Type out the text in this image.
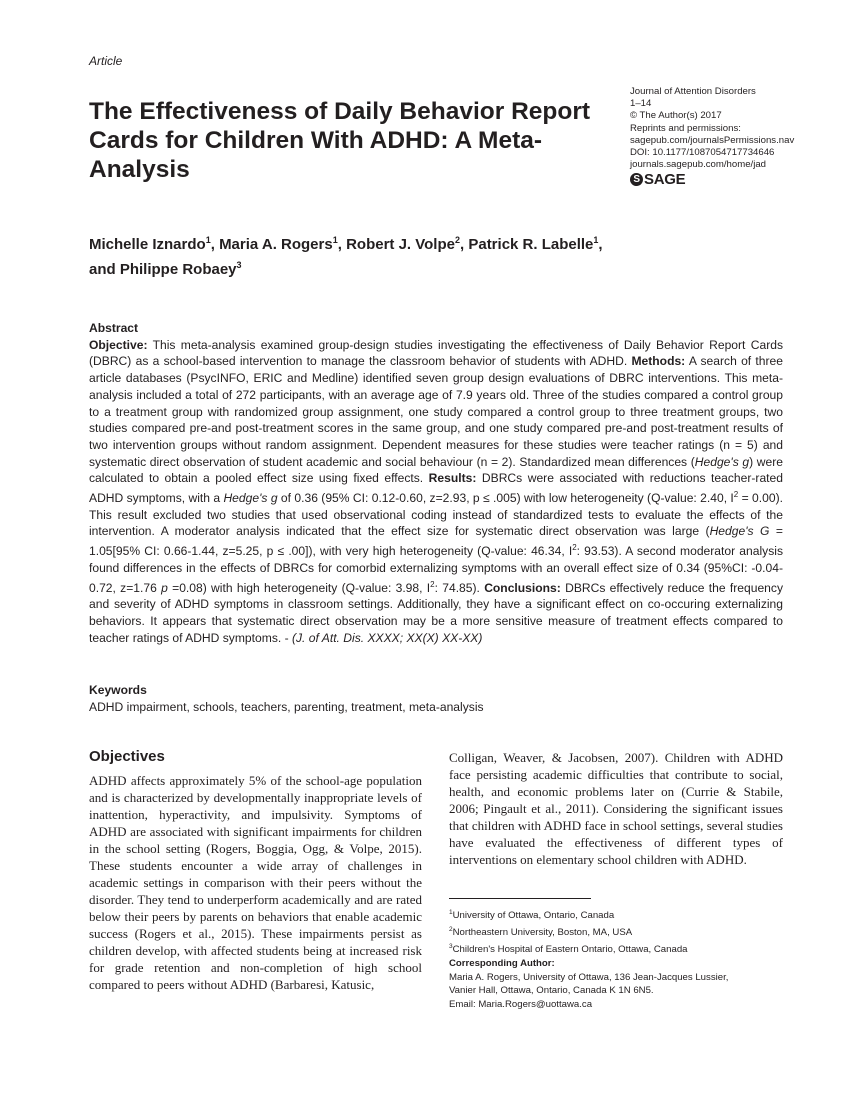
Article
The Effectiveness of Daily Behavior Report Cards for Children With ADHD: A Meta-Analysis
Journal of Attention Disorders
1–14
© The Author(s) 2017
Reprints and permissions:
sagepub.com/journalsPermissions.nav
DOI: 10.1177/1087054717734646
journals.sagepub.com/home/jad
S SAGE
Michelle Iznardo$^1$, Maria A. Rogers$^1$, Robert J. Volpe$^2$, Patrick R. Labelle$^1$,
and Philippe Robaey$^3$
Abstract

Objective: This meta-analysis examined group-design studies investigating the effectiveness of Daily Behavior Report Cards (DBRC) as a school-based intervention to manage the classroom behavior of students with ADHD. Methods: A search of three article databases (PsycINFO, ERIC and Medline) identified seven group design evaluations of DBRC interventions. This meta-analysis included a total of 272 participants, with an average age of 7.9 years old. Three of the studies compared a control group to a treatment group with randomized group assignment, one study compared a control group to three treatment groups, two studies compared pre-and post-treatment scores in the same group, and one study compared pre-and post-treatment results of two intervention groups without random assignment. Dependent measures for these studies were teacher ratings (n = 5) and systematic direct observation of student academic and social behaviour (n = 2). Standardized mean differences (Hedge's g) were calculated to obtain a pooled effect size using fixed effects. Results: DBRCs were associated with reductions teacher-rated ADHD symptoms, with a Hedge's g of 0.36 (95% CI: 0.12-0.60, z=2.93, p ≤ .005) with low heterogeneity (Q-value: 2.40, $I^2 = 0.00$). This result excluded two studies that used observational coding instead of standardized tests to evaluate the effects of the intervention. A moderator analysis indicated that the effect size for systematic direct observation was large (Hedge's G = 1.05[95% CI: 0.66-1.44, z=5.25, p ≤ .00]), with very high heterogeneity (Q-value: 46.34, $I^2$: 93.53). A second moderator analysis found differences in the effects of DBRCs for comorbid externalizing symptoms with an overall effect size of 0.34 (95%CI: -0.04-0.72, z=1.76 p =0.08) with high heterogeneity (Q-value: 3.98, $I^2$: 74.85). Conclusions: DBRCs effectively reduce the frequency and severity of ADHD symptoms in classroom settings. Additionally, they have a significant effect on co-occuring externalizing behaviors. It appears that systematic direct observation may be a more sensitive measure of treatment effects compared to teacher ratings of ADHD symptoms. - (J. of Att. Dis. XXXX; XX(X) XX-XX)

Keywords
ADHD impairment, schools, teachers, parenting, treatment, meta-analysis
Objectives

ADHD affects approximately 5% of the school-age population and is characterized by developmentally inappropriate levels of inattention, hyperactivity, and impulsivity. Symptoms of ADHD are associated with significant impairments for children in the school setting (Rogers, Boggia, Ogg, & Volpe, 2015). These students encounter a wide array of challenges in academic settings in comparison with their peers without the disorder. They tend to underperform academically and are rated below their peers by parents on behaviors that enable academic success (Rogers et al., 2015). These impairments persist as children develop, with affected students being at increased risk for grade retention and non-completion of high school compared to peers without ADHD (Barbaresi, Katusic,

Colligan, Weaver, & Jacobsen, 2007). Children with ADHD face persisting academic difficulties that contribute to social, health, and economic problems later on (Currie & Stabile, 2006; Pingault et al., 2011). Considering the significant issues that children with ADHD face in school settings, several studies have evaluated the effectiveness of different types of interventions on elementary school children with ADHD.

$^1$University of Ottawa, Ontario, Canada
$^2$Northeastern University, Boston, MA, USA
$^3$Children's Hospital of Eastern Ontario, Ottawa, Canada
Corresponding Author:
Maria A. Rogers, University of Ottawa, 136 Jean-Jacques Lussier,
Vanier Hall, Ottawa, Ontario, Canada K 1N 6N5.
Email: Maria.Rogers@uottawa.ca
